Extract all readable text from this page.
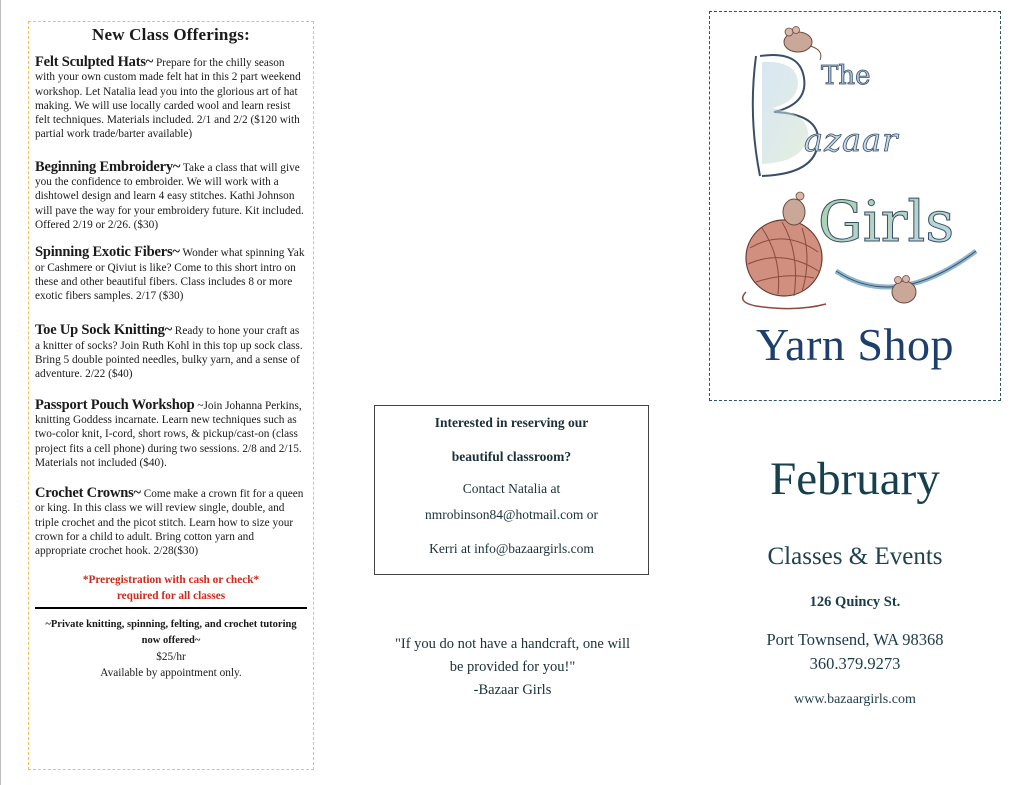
New Class Offerings:
Felt Sculpted Hats~ Prepare for the chilly season with your own custom made felt hat in this 2 part weekend workshop. Let Natalia lead you into the glorious art of hat making. We will use locally carded wool and learn resist felt techniques. Materials included. 2/1 and 2/2 ($120 with partial work trade/barter available)
Beginning Embroidery~ Take a class that will give you the confidence to embroider. We will work with a dishtowel design and learn 4 easy stitches. Kathi Johnson will pave the way for your embroidery future. Kit included. Offered 2/19 or 2/26. ($30)
Spinning Exotic Fibers~ Wonder what spinning Yak or Cashmere or Qiviut is like? Come to this short intro on these and other beautiful fibers. Class includes 8 or more exotic fibers samples. 2/17 ($30)
Toe Up Sock Knitting~ Ready to hone your craft as a knitter of socks? Join Ruth Kohl in this top up sock class. Bring 5 double pointed needles, bulky yarn, and a sense of adventure. 2/22 ($40)
Passport Pouch Workshop ~Join Johanna Perkins, knitting Goddess incarnate. Learn new techniques such as two-color knit, I-cord, short rows, & pickup/cast-on (class project fits a cell phone) during two sessions. 2/8 and 2/15. Materials not included ($40).
Crochet Crowns~ Come make a crown fit for a queen or king. In this class we will review single, double, and triple crochet and the picot stitch. Learn how to size your crown for a child to adult. Bring cotton yarn and appropriate crochet hook. 2/28($30)
*Preregistration with cash or check*
required for all classes
~Private knitting, spinning, felting, and crochet tutoring now offered~
$25/hr
Available by appointment only.
Interested in reserving our
beautiful classroom?
Contact Natalia at
nmrobinson84@hotmail.com or
Kerri at info@bazaargirls.com
"If you do not have a handcraft, one will
be provided for you!"
-Bazaar Girls
The
azaar
Girls
Yarn Shop
February
Classes & Events
126 Quincy St.
Port Townsend, WA 98368
360.379.9273
www.bazaargirls.com
